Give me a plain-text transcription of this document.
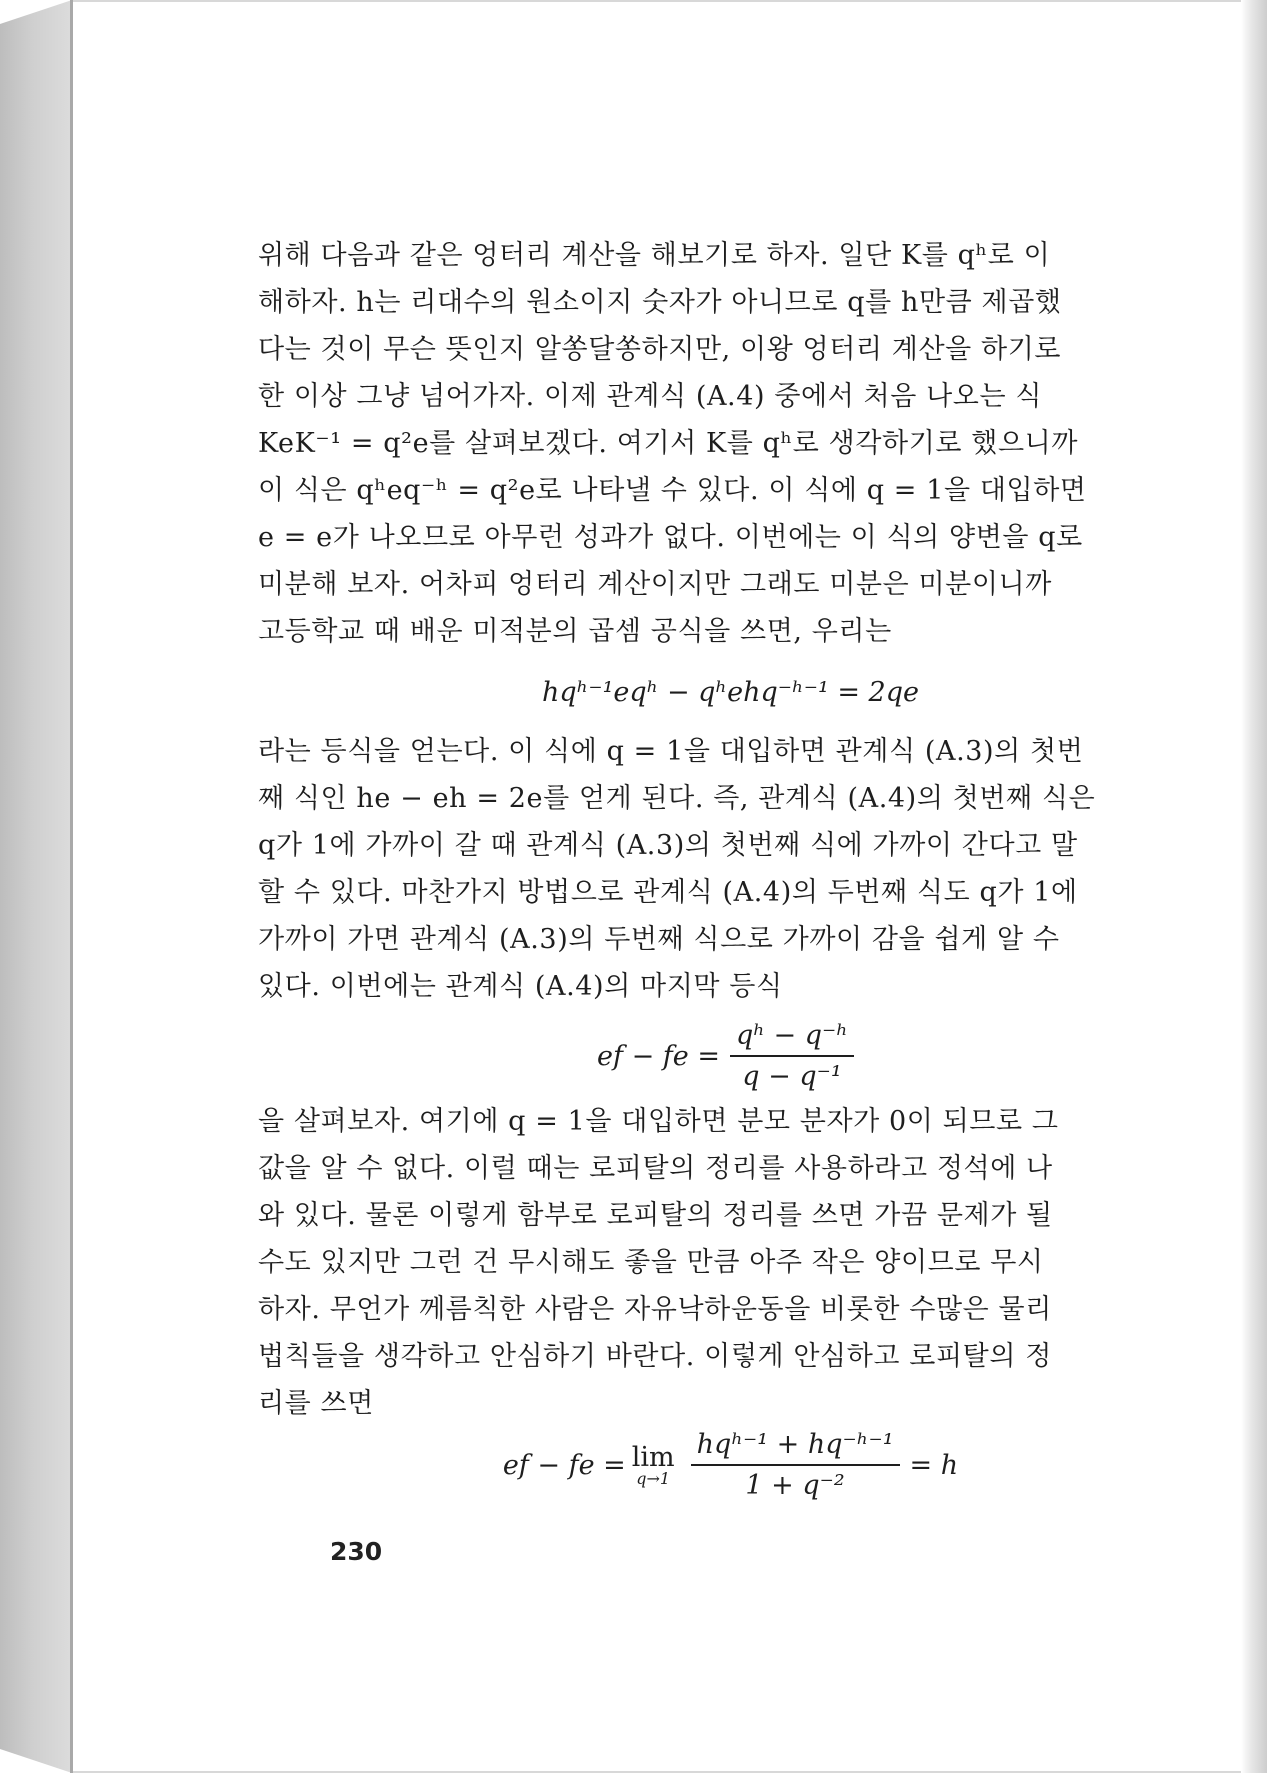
위해 다음과 같은 엉터리 계산을 해보기로 하자. 일단 K를 qʰ로 이
해하자. h는 리대수의 원소이지 숫자가 아니므로 q를 h만큼 제곱했
다는 것이 무슨 뜻인지 알쏭달쏭하지만, 이왕 엉터리 계산을 하기로
한 이상 그냥 넘어가자. 이제 관계식 (A.4) 중에서 처음 나오는 식
KeK⁻¹ = q²e를 살펴보겠다. 여기서 K를 qʰ로 생각하기로 했으니까
이 식은 qʰeq⁻ʰ = q²e로 나타낼 수 있다. 이 식에 q = 1을 대입하면
e = e가 나오므로 아무런 성과가 없다. 이번에는 이 식의 양변을 q로
미분해 보자. 어차피 엉터리 계산이지만 그래도 미분은 미분이니까
고등학교 때 배운 미적분의 곱셈 공식을 쓰면, 우리는

hqʰ⁻¹eqʰ − qʰehq⁻ʰ⁻¹ = 2qe

라는 등식을 얻는다. 이 식에 q = 1을 대입하면 관계식 (A.3)의 첫번
째 식인 he − eh = 2e를 얻게 된다. 즉, 관계식 (A.4)의 첫번째 식은
q가 1에 가까이 갈 때 관계식 (A.3)의 첫번째 식에 가까이 간다고 말
할 수 있다. 마찬가지 방법으로 관계식 (A.4)의 두번째 식도 q가 1에
가까이 가면 관계식 (A.3)의 두번째 식으로 가까이 감을 쉽게 알 수
있다. 이번에는 관계식 (A.4)의 마지막 등식

ef − fe = $\frac{\text{qʰ − q⁻ʰ}}{\text{q − q⁻¹}}$

을 살펴보자. 여기에 q = 1을 대입하면 분모 분자가 0이 되므로 그
값을 알 수 없다. 이럴 때는 로피탈의 정리를 사용하라고 정석에 나
와 있다. 물론 이렇게 함부로 로피탈의 정리를 쓰면 가끔 문제가 될
수도 있지만 그런 건 무시해도 좋을 만큼 아주 작은 양이므로 무시
하자. 무언가 께름칙한 사람은 자유낙하운동을 비롯한 수많은 물리
법칙들을 생각하고 안심하기 바란다. 이렇게 안심하고 로피탈의 정
리를 쓰면

ef − fe = lim
$q\to 1 \frac{\text{hqʰ⁻¹ + hq⁻ʰ⁻¹}}{\text{1 + q⁻²}} = h$
230
